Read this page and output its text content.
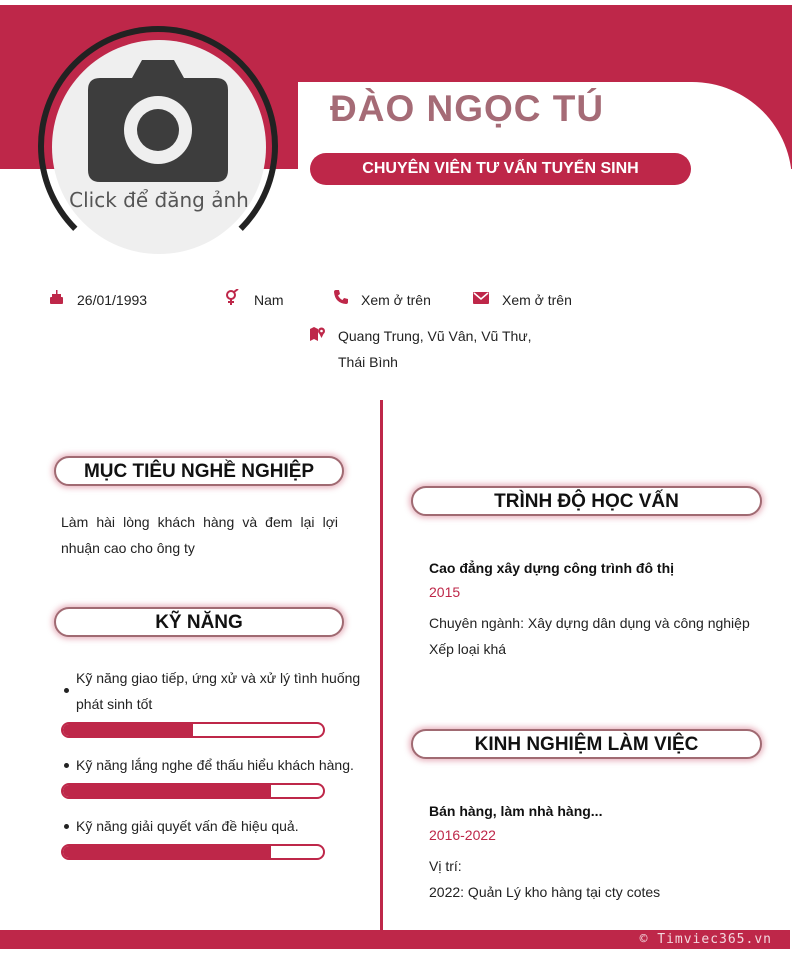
Click để đăng ảnh
ĐÀO NGỌC TÚ
CHUYÊN VIÊN TƯ VẤN TUYỂN SINH
26/01/1993	Nam	Xem ở trên	Xem ở trên
Quang Trung, Vũ Vân, Vũ Thư,
Thái Bình
MỤC TIÊU NGHỀ NGHIỆP
Làm hài lòng khách hàng và đem lại lợi nhuận cao cho ông ty
KỸ NĂNG
Kỹ năng giao tiếp, ứng xử và xử lý tình huống
phát sinh tốt
Kỹ năng lắng nghe để thấu hiểu khách hàng.
Kỹ năng giải quyết vấn đề hiệu quả.
TRÌNH ĐỘ HỌC VẤN
Cao đẳng xây dựng công trình đô thị
2015
Chuyên ngành: Xây dựng dân dụng và công nghiệp
Xếp loại khá
KINH NGHIỆM LÀM VIỆC
Bán hàng, làm nhà hàng...
2016-2022
Vị trí:
2022: Quản Lý kho hàng tại cty cotes
© Timviec365.vn
